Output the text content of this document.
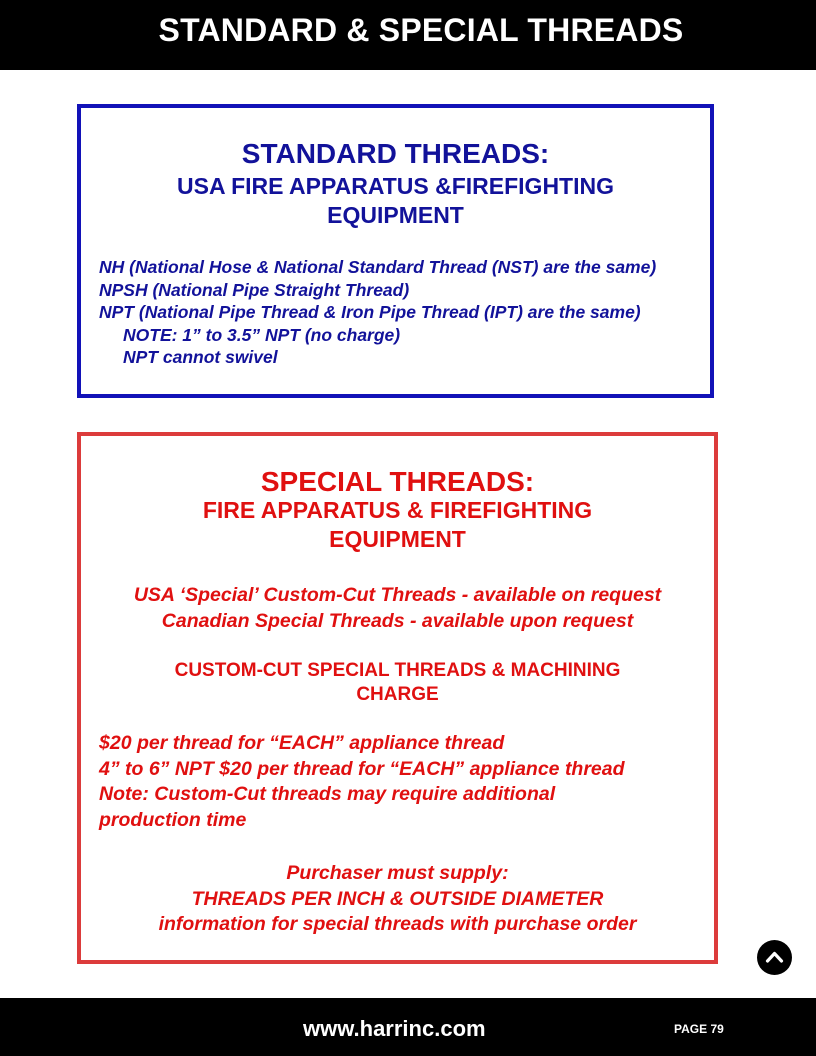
STANDARD & SPECIAL THREADS
STANDARD THREADS:
USA FIRE APPARATUS &FIREFIGHTING
EQUIPMENT
NH (National Hose & National Standard Thread (NST) are the same)
NPSH (National Pipe Straight Thread)
NPT (National Pipe Thread & Iron Pipe Thread (IPT) are the same)
NOTE: 1” to 3.5” NPT (no charge)
NPT cannot swivel
SPECIAL THREADS:
FIRE APPARATUS & FIREFIGHTING
EQUIPMENT
USA ‘Special’ Custom-Cut Threads - available on request
Canadian Special Threads - available upon request
CUSTOM-CUT SPECIAL THREADS & MACHINING
CHARGE
$20 per thread for “EACH” appliance thread
4” to 6” NPT $20 per thread for “EACH” appliance thread
Note: Custom-Cut threads may require additional
production time
Purchaser must supply:
THREADS PER INCH & OUTSIDE DIAMETER
information for special threads with purchase order
www.harrinc.com	PAGE 79
